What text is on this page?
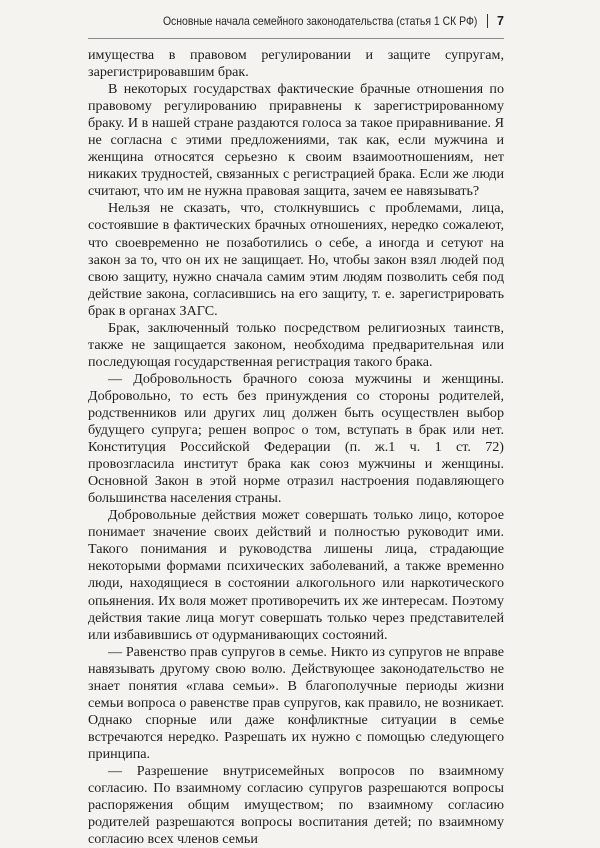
Основные начала семейного законодательства (статья 1 СК РФ) 7

имущества в правовом регулировании и защите супругам, зарегистрировавшим брак.

В некоторых государствах фактические брачные отношения по правовому регулированию приравнены к зарегистрированному браку. И в нашей стране раздаются голоса за такое приравнивание. Я не согласна с этими предложениями, так как, если мужчина и женщина относятся серьезно к своим взаимоотношениям, нет никаких трудностей, связанных с регистрацией брака. Если же люди считают, что им не нужна правовая защита, зачем ее навязывать?

Нельзя не сказать, что, столкнувшись с проблемами, лица, состоявшие в фактических брачных отношениях, нередко сожалеют, что своевременно не позаботились о себе, а иногда и сетуют на закон за то, что он их не защищает. Но, чтобы закон взял людей под свою защиту, нужно сначала самим этим людям позволить себя под действие закона, согласившись на его защиту, т. е. зарегистрировать брак в органах ЗАГС.

Брак, заключенный только посредством религиозных таинств, также не защищается законом, необходима предварительная или последующая государственная регистрация такого брака.

— Добровольность брачного союза мужчины и женщины. Добровольно, то есть без принуждения со стороны родителей, родственников или других лиц должен быть осуществлен выбор будущего супруга; решен вопрос о том, вступать в брак или нет. Конституция Российской Федерации (п. ж.1 ч. 1 ст. 72) провозгласила институт брака как союз мужчины и женщины. Основной Закон в этой норме отразил настроения подавляющего большинства населения страны.

Добровольные действия может совершать только лицо, которое понимает значение своих действий и полностью руководит ими. Такого понимания и руководства лишены лица, страдающие некоторыми формами психических заболеваний, а также временно люди, находящиеся в состоянии алкогольного или наркотического опьянения. Их воля может противоречить их же интересам. Поэтому действия такие лица могут совершать только через представителей или избавившись от одурманивающих состояний.

— Равенство прав супругов в семье. Никто из супругов не вправе навязывать другому свою волю. Действующее законодательство не знает понятия «глава семьи». В благополучные периоды жизни семьи вопроса о равенстве прав супругов, как правило, не возникает. Однако спорные или даже конфликтные ситуации в семье встречаются нередко. Разрешать их нужно с помощью следующего принципа.

— Разрешение внутрисемейных вопросов по взаимному согласию. По взаимному согласию супругов разрешаются вопросы распоряжения общим имуществом; по взаимному согласию родителей разрешаются вопросы воспитания детей; по взаимному согласию всех членов семьи
